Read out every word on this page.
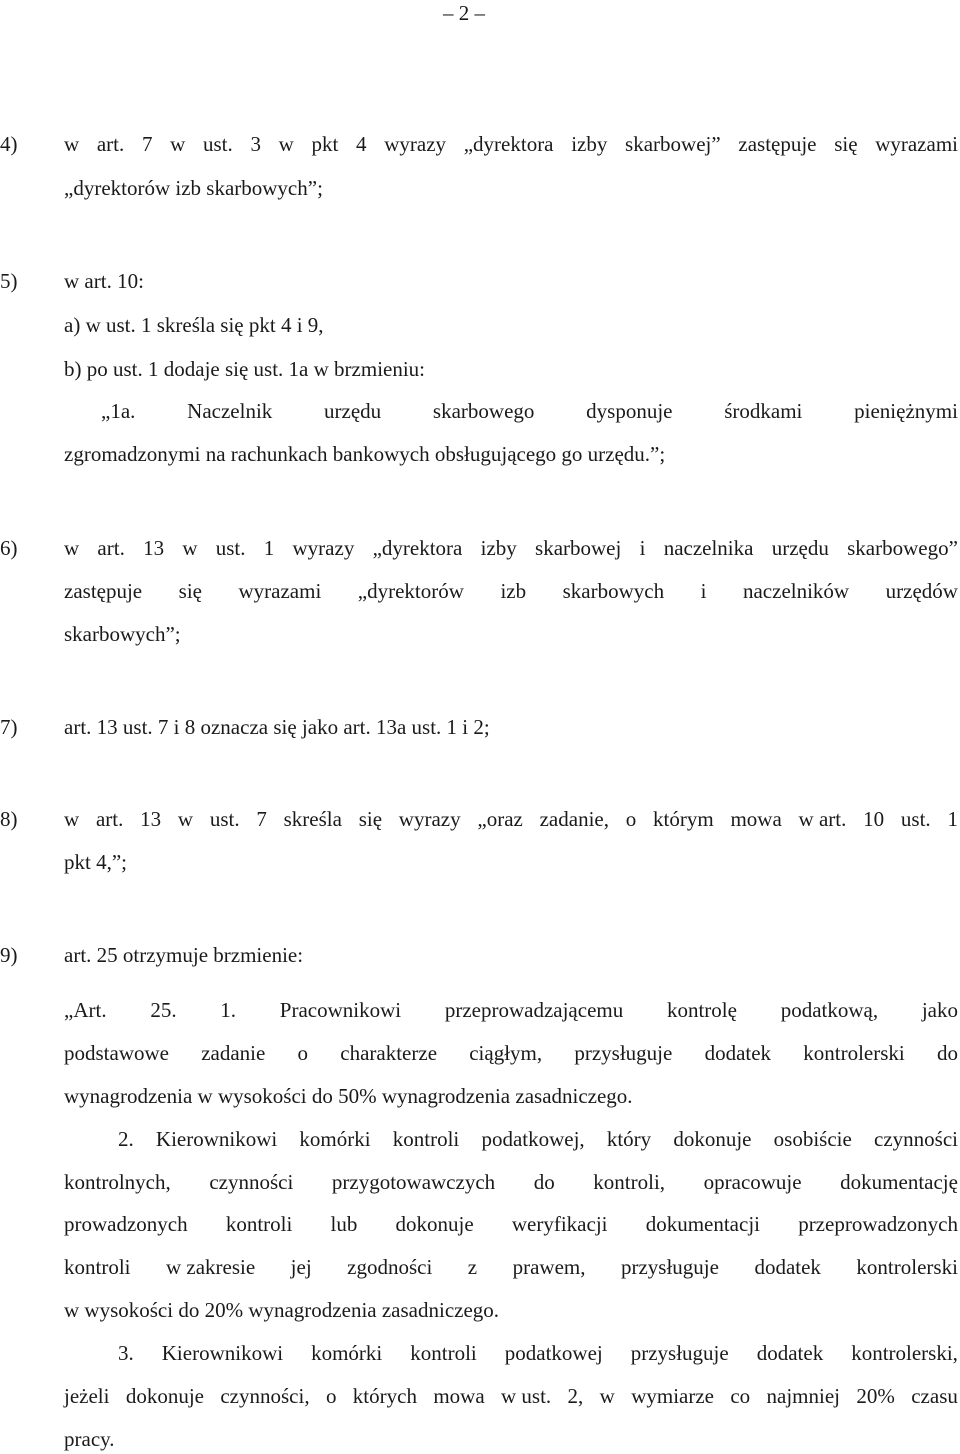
– 2 –
4) w art. 7 w ust. 3 w pkt 4 wyrazy „dyrektora izby skarbowej” zastępuje się wyrazami
„dyrektorów izb skarbowych”;
5) w art. 10:
a) w ust. 1 skreśla się pkt 4 i 9,
b) po ust. 1 dodaje się ust. 1a w brzmieniu:
„1a. Naczelnik urzędu skarbowego dysponuje środkami pieniężnymi
zgromadzonymi na rachunkach bankowych obsługującego go urzędu.”;
6) w art. 13 w ust. 1 wyrazy „dyrektora izby skarbowej i naczelnika urzędu skarbowego”
zastępuje się wyrazami „dyrektorów izb skarbowych i naczelników urzędów
skarbowych”;
7) art. 13 ust. 7 i 8 oznacza się jako art. 13a ust. 1 i 2;
8) w art. 13 w ust. 7 skreśla się wyrazy „oraz zadanie, o którym mowa w art. 10 ust. 1
pkt 4,”;
9) art. 25 otrzymuje brzmienie:
„Art. 25. 1. Pracownikowi przeprowadzającemu kontrolę podatkową, jako
podstawowe zadanie o charakterze ciągłym, przysługuje dodatek kontrolerski do
wynagrodzenia w wysokości do 50% wynagrodzenia zasadniczego.
2. Kierownikowi komórki kontroli podatkowej, który dokonuje osobiście czynności
kontrolnych, czynności przygotowawczych do kontroli, opracowuje dokumentację
prowadzonych kontroli lub dokonuje weryfikacji dokumentacji przeprowadzonych
kontroli w zakresie jej zgodności z prawem, przysługuje dodatek kontrolerski
w wysokości do 20% wynagrodzenia zasadniczego.
3. Kierownikowi komórki kontroli podatkowej przysługuje dodatek kontrolerski,
jeżeli dokonuje czynności, o których mowa w ust. 2, w wymiarze co najmniej 20% czasu
pracy.
